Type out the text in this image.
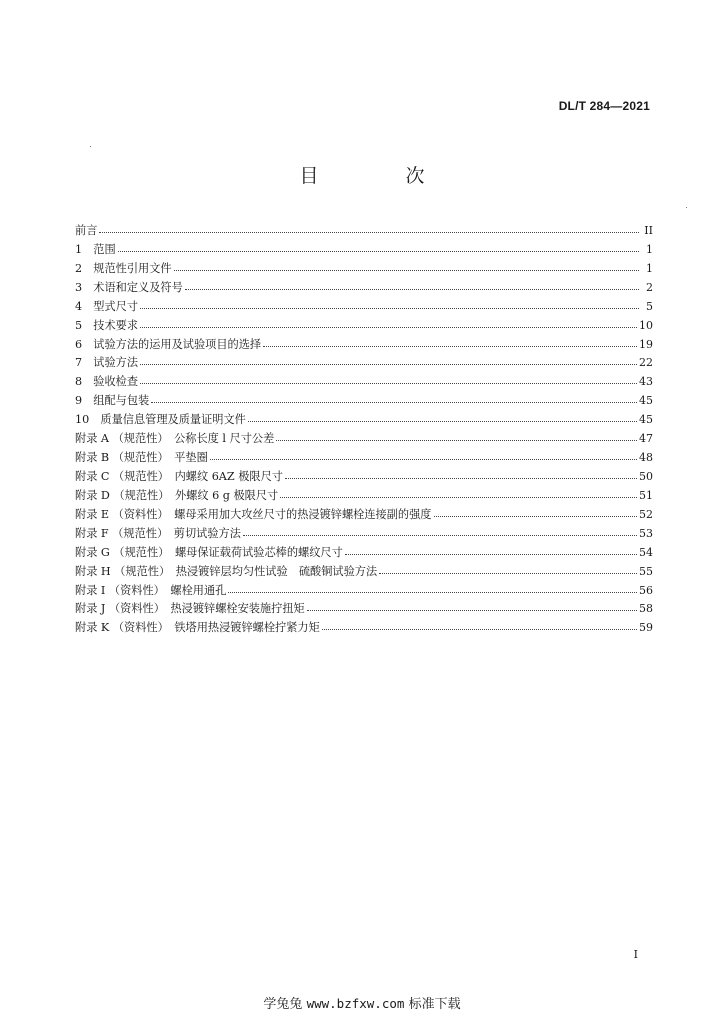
DL/T 284—2021
目　次
前言	II
1　范围	1
2　规范性引用文件	1
3　术语和定义及符号	2
4　型式尺寸	5
5　技术要求	10
6　试验方法的运用及试验项目的选择	19
7　试验方法	22
8　验收检查	43
9　组配与包装	45
10　质量信息管理及质量证明文件	45
附录 A （规范性）　公称长度 l 尺寸公差	47
附录 B （规范性）　平垫圈	48
附录 C （规范性）　内螺纹 6AZ 极限尺寸	50
附录 D （规范性）　外螺纹 6 g 极限尺寸	51
附录 E （资料性）　螺母采用加大攻丝尺寸的热浸镀锌螺栓连接副的强度	52
附录 F （规范性）　剪切试验方法	53
附录 G （规范性）　螺母保证载荷试验芯棒的螺纹尺寸	54
附录 H （规范性）　热浸镀锌层均匀性试验　硫酸铜试验方法	55
附录 I （资料性）　螺栓用通孔	56
附录 J （资料性）　热浸镀锌螺栓安装施拧扭矩	58
附录 K （资料性）　铁塔用热浸镀锌螺栓拧紧力矩	59
I
学兔兔 www.bzfxw.com 标准下载
